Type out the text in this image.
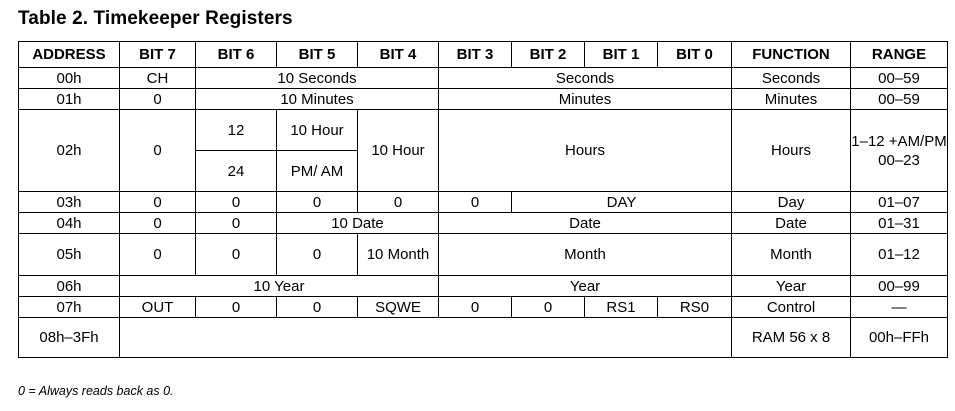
Table 2. Timekeeper Registers
ADDRESS	BIT 7	BIT 6	BIT 5	BIT 4	BIT 3	BIT 2	BIT 1	BIT 0	FUNCTION	RANGE
00h	CH	10 Seconds			Seconds				Seconds	00–59
01h	0	10 Minutes			Minutes				Minutes	00–59
02h	0	12	10 Hour	10 Hour	Hours				Hours	1–12 +AM/PM 00–23
		24	PM/ AM							
03h	0	0	0	0	0	DAY			Day	01–07
04h	0	0	10 Date		Date				Date	01–31
05h	0	0	0	10 Month	Month				Month	01–12
06h	10 Year				Year				Year	00–99
07h	OUT	0	0	SQWE	0	0	RS1	RS0	Control	—
08h–3Fh									RAM 56 x 8	00h–FFh
0 = Always reads back as 0.
